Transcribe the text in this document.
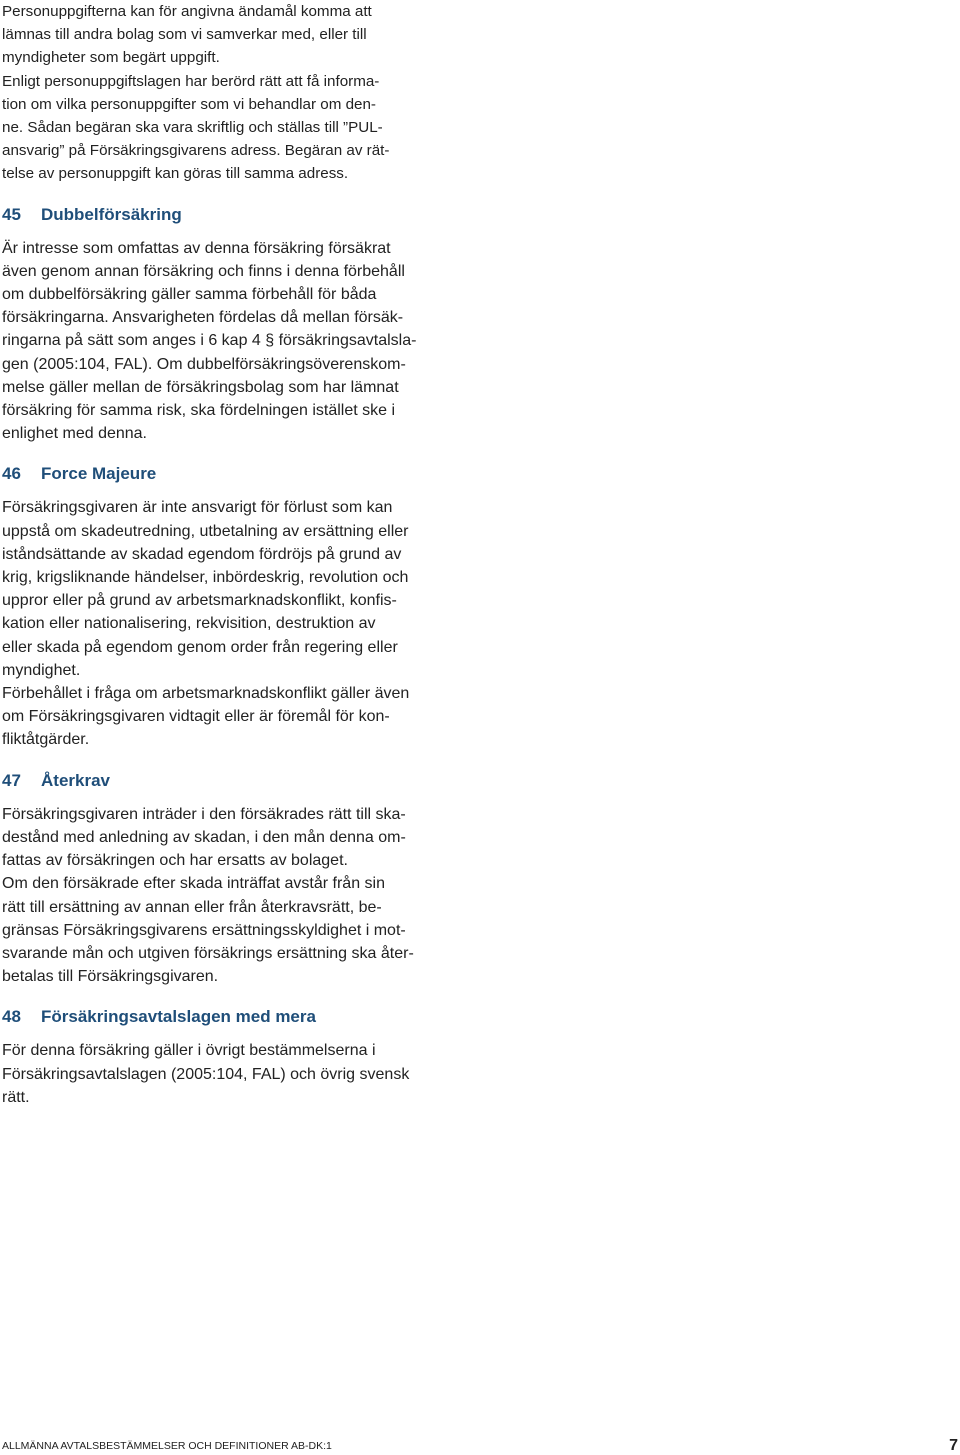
Personuppgifterna kan för angivna ändamål komma att
lämnas till andra bolag som vi samverkar med, eller till
myndigheter som begärt uppgift.

Enligt personuppgiftslagen har berörd rätt att få informa-
tion om vilka personuppgifter som vi behandlar om den-
ne. Sådan begäran ska vara skriftlig och ställas till ”PUL-
ansvarig” på Försäkringsgivarens adress. Begäran av rät-
telse av personuppgift kan göras till samma adress.

45 Dubbelförsäkring

Är intresse som omfattas av denna försäkring försäkrat
även genom annan försäkring och finns i denna förbehåll
om dubbelförsäkring gäller samma förbehåll för båda
försäkringarna. Ansvarigheten fördelas då mellan försäk-
ringarna på sätt som anges i 6 kap 4 § försäkringsavtalsla-
gen (2005:104, FAL). Om dubbelförsäkringsöverenskom-
melse gäller mellan de försäkringsbolag som har lämnat
försäkring för samma risk, ska fördelningen istället ske i
enlighet med denna.

46 Force Majeure

Försäkringsgivaren är inte ansvarigt för förlust som kan
uppstå om skadeutredning, utbetalning av ersättning eller
iståndsättande av skadad egendom fördröjs på grund av
krig, krigsliknande händelser, inbördeskrig, revolution och
uppror eller på grund av arbetsmarknadskonflikt, konfis-
kation eller nationalisering, rekvisition, destruktion av
eller skada på egendom genom order från regering eller
myndighet.

Förbehållet i fråga om arbetsmarknadskonflikt gäller även
om Försäkringsgivaren vidtagit eller är föremål för kon-
fliktåtgärder.

47 Återkrav

Försäkringsgivaren inträder i den försäkrades rätt till ska-
destånd med anledning av skadan, i den mån denna om-
fattas av försäkringen och har ersatts av bolaget.

Om den försäkrade efter skada inträffat avstår från sin
rätt till ersättning av annan eller från återkravsrätt, be-
gränsas Försäkringsgivarens ersättningsskyldighet i mot-
svarande mån och utgiven försäkrings ersättning ska åter-
betalas till Försäkringsgivaren.

48 Försäkringsavtalslagen med mera

För denna försäkring gäller i övrigt bestämmelserna i
Försäkringsavtalslagen (2005:104, FAL) och övrig svensk
rätt.

ALLMÄNNA AVTALSBESTÄMMELSER OCH DEFINITIONER AB-DK:1	7
